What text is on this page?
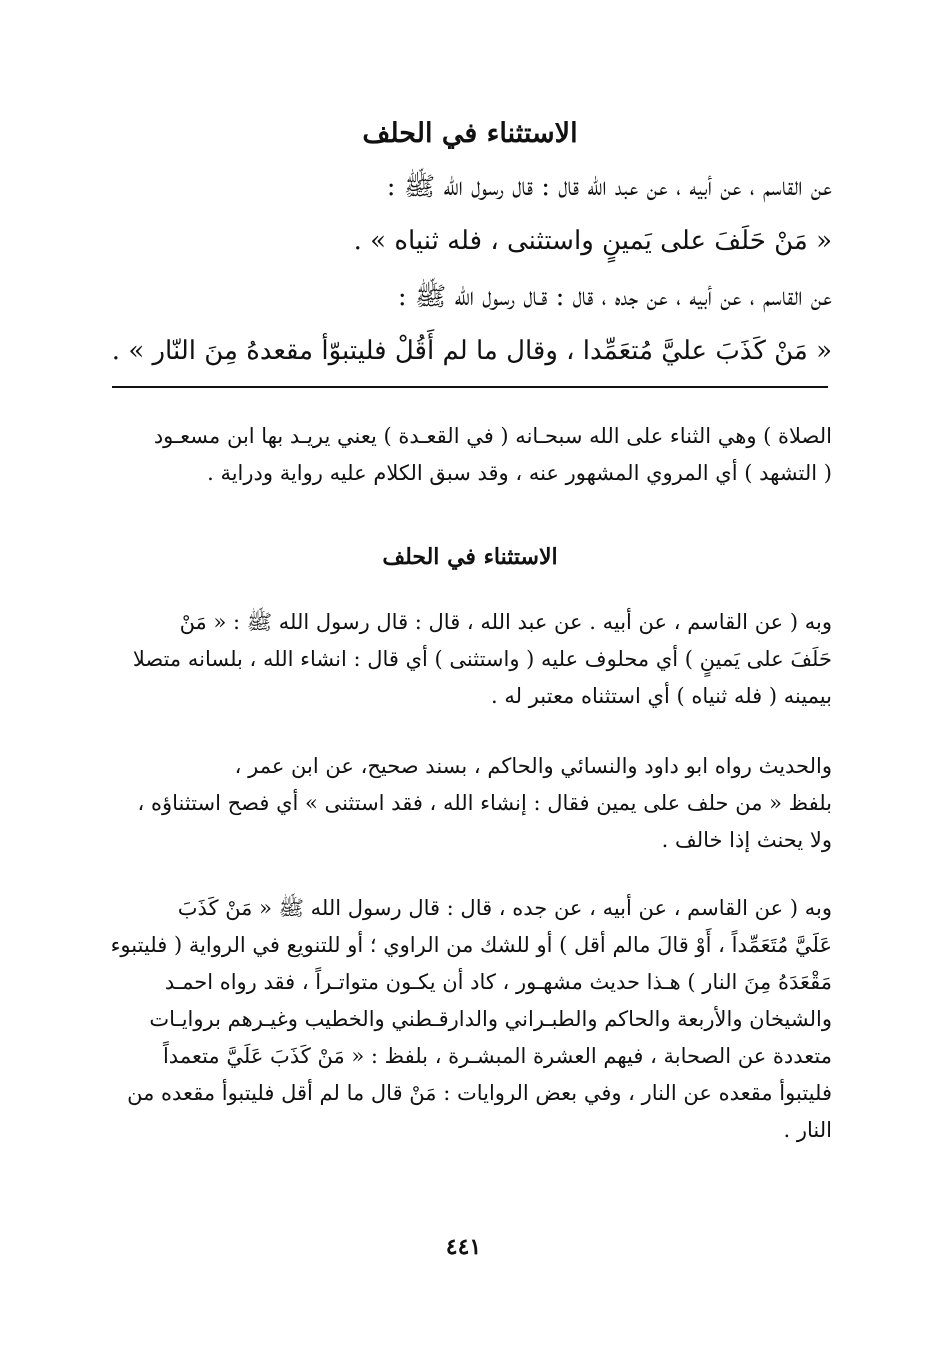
الاستثناء في الحلف
عن القاسم ، عن أبيه ، عن عبد الله قال : قال رسول الله ﷺ :
« مَنْ حَلَفَ على يَمينٍ واستثنى ، فله ثنياه » .
عن القاسم ، عن أبيه ، عن جده ، قال : قـال رسول الله ﷺ :
« مَنْ كَذَبَ عليَّ مُتعَمِّدا ، وقال ما لم أَقُلْ فليتبوّأ مقعدهُ مِنَ النّار » .
الصلاة ) وهي الثناء على الله سبحـانه ( في القعـدة ) يعني يريـد بها ابن مسعـود
( التشهد ) أي المروي المشهور عنه ، وقد سبق الكلام عليه رواية ودراية .
الاستثناء في الحلف
وبه ( عن القاسم ، عن أبيه . عن عبد الله ، قال : قال رسول الله ﷺ : « مَنْ
حَلَفَ على يَمينٍ ) أي محلوف عليه ( واستثنى ) أي قال : انشاء الله ، بلسانه متصلا
بيمينه ( فله ثنياه ) أي استثناه معتبر له .
والحديث رواه ابو داود والنسائي والحاكم ، بسند صحيح، عن ابن عمر ،
بلفظ « من حلف على يمين فقال : إنشاء الله ، فقد استثنى » أي فصح استثناؤه ،
ولا يحنث إذا خالف .
وبه ( عن القاسم ، عن أبيه ، عن جده ، قال : قال رسول الله ﷺ « مَنْ كَذَبَ
عَلَيَّ مُتَعَمِّداً ، أَوْ قالَ مالم أقل ) أو للشك من الراوي ؛ أو للتنويع في الرواية ( فليتبوء
مَقْعَدَهُ مِنَ النار ) هـذا حديث مشهـور ، كاد أن يكـون متواتـراً ، فقد رواه احمـد
والشيخان والأربعة والحاكم والطبـراني والدارقـطني والخطيب وغيـرهم بروايـات
متعددة عن الصحابة ، فيهم العشرة المبشـرة ، بلفظ : « مَنْ كَذَبَ عَلَيَّ متعمداً
فليتبوأ مقعده عن النار ، وفي بعض الروايات : مَنْ قال ما لم أقل فليتبوأ مقعده من
النار .
٤٤١
